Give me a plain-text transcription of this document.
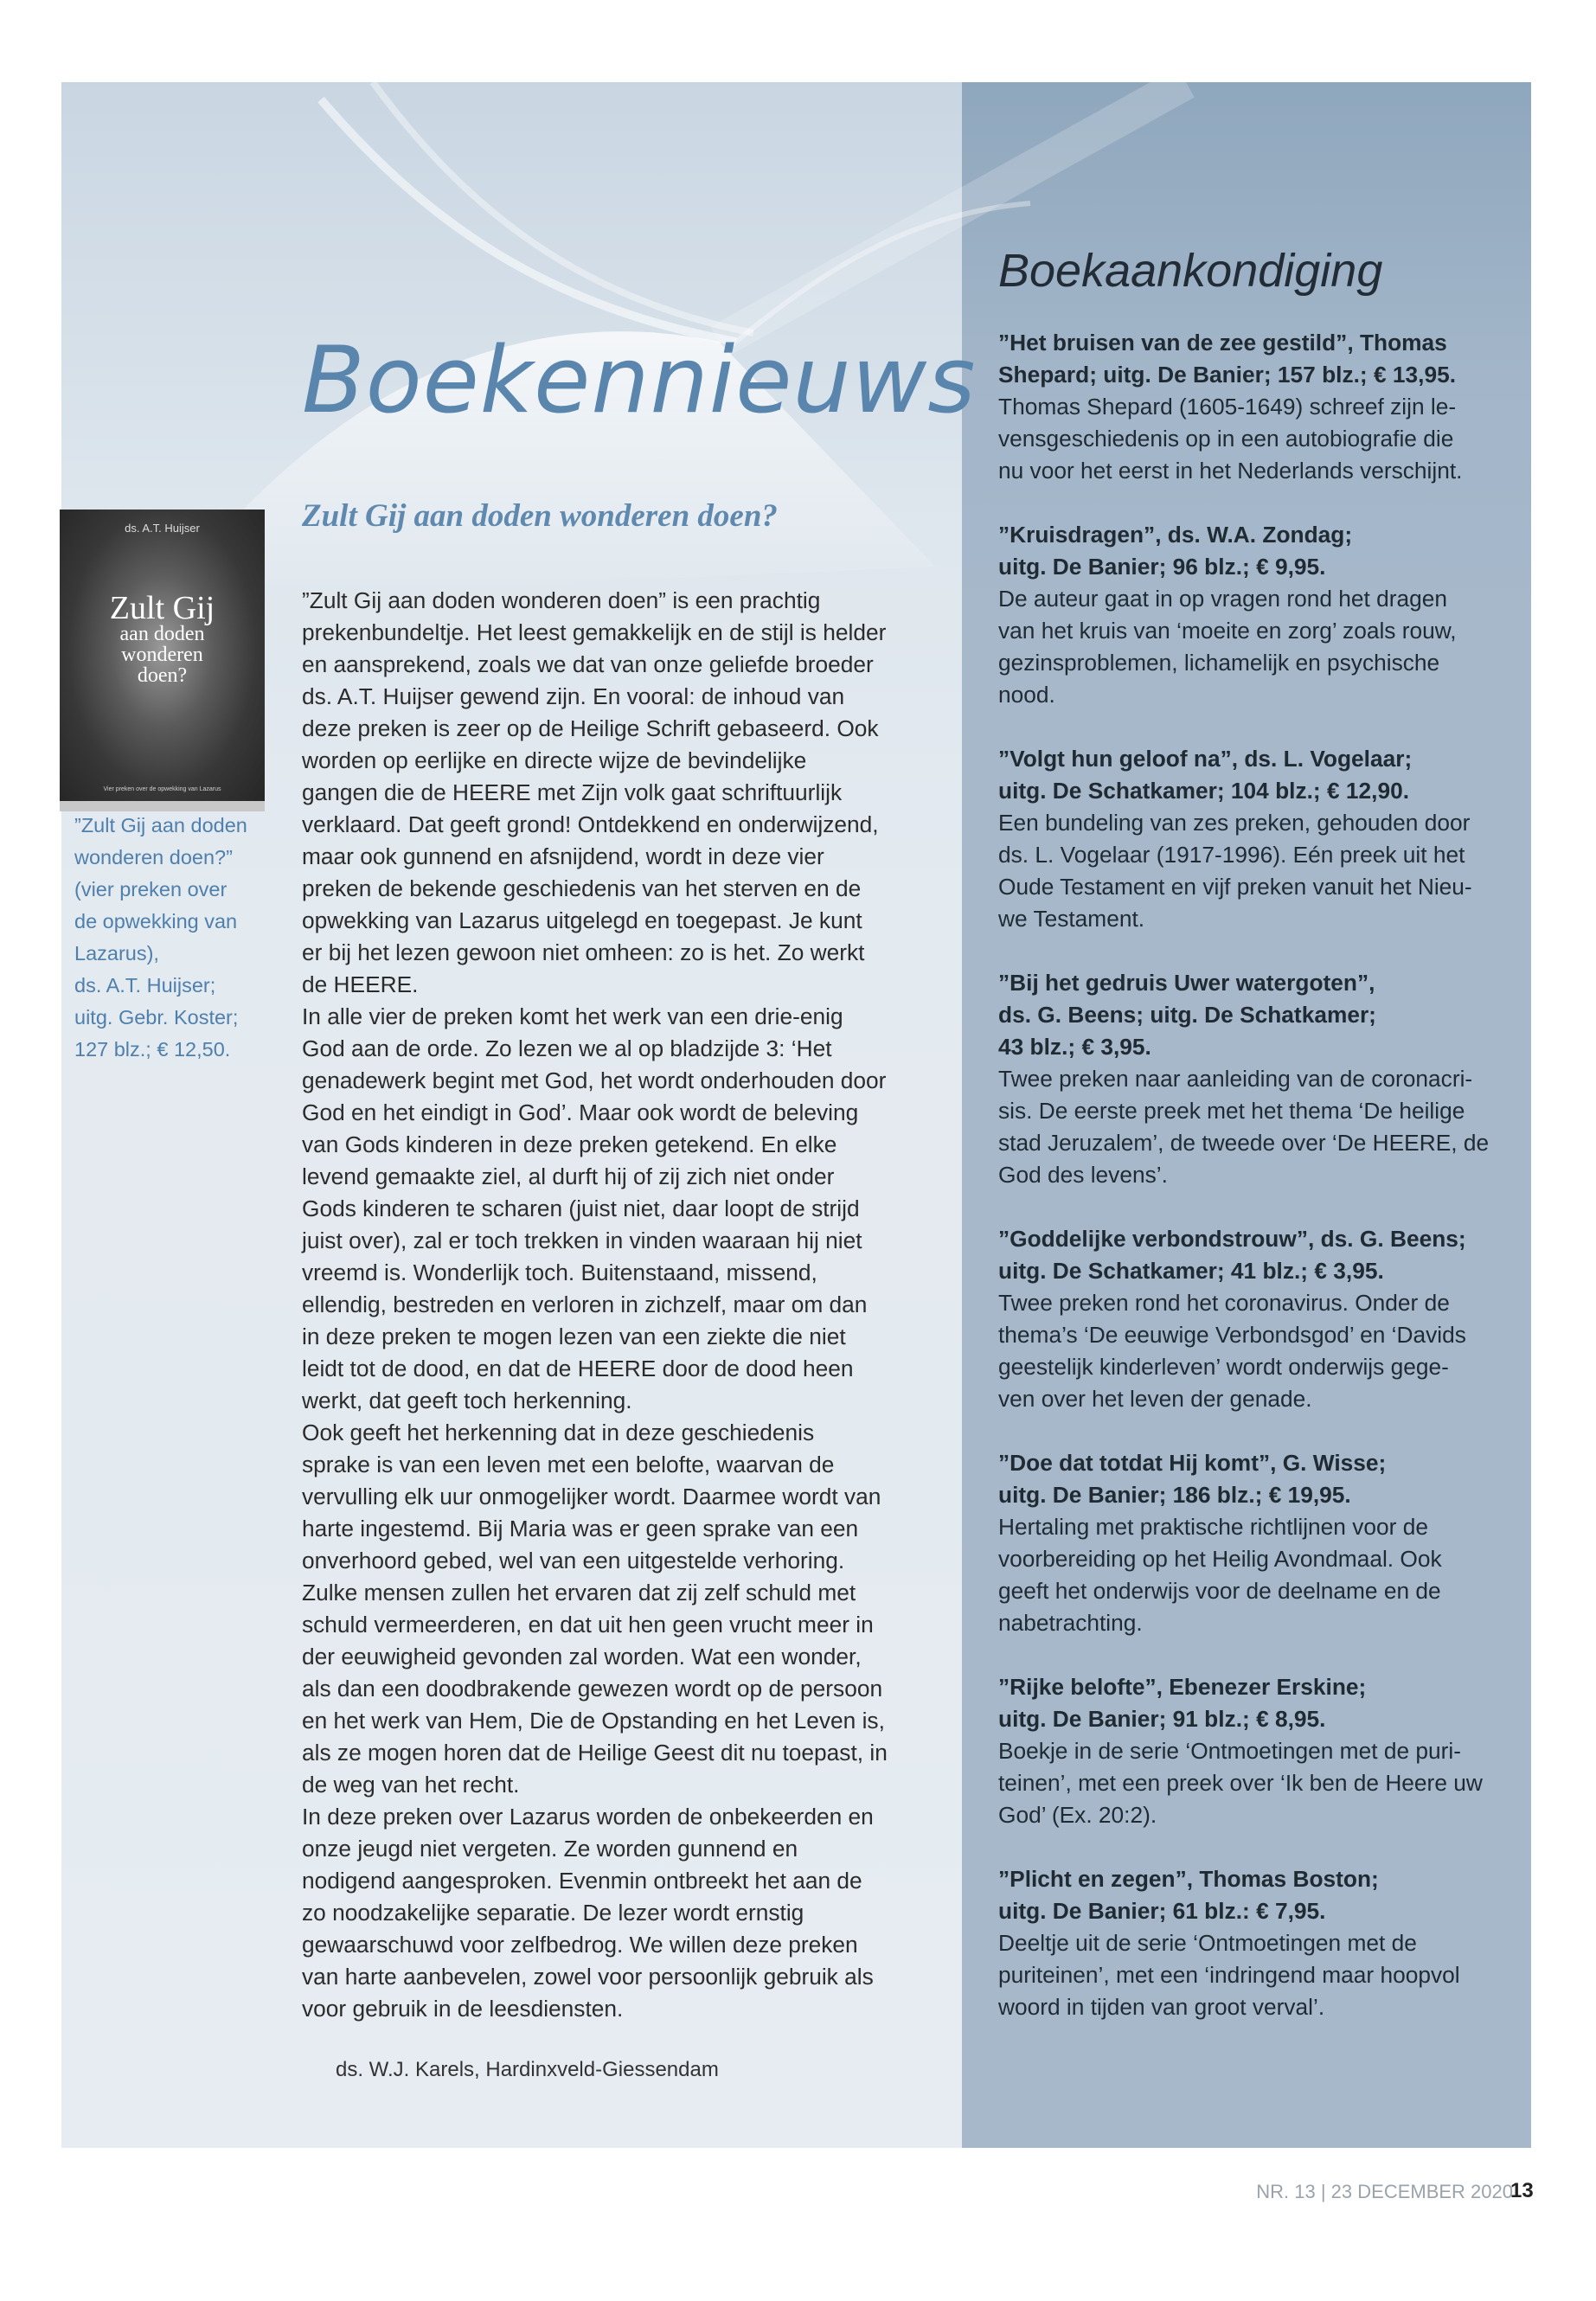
Boekennieuws
Zult Gij aan doden wonderen doen?

”Zult Gij aan doden wonderen doen” is een prachtig prekenbundeltje. Het leest gemakkelijk en de stijl is helder en aansprekend, zoals we dat van onze geliefde broeder ds. A.T. Huijser gewend zijn. En vooral: de inhoud van deze preken is zeer op de Heilige Schrift gebaseerd. Ook worden op eerlijke en directe wijze de bevindelijke gangen die de HEERE met Zijn volk gaat schriftuurlijk verklaard. Dat geeft grond! Ontdekkend en onderwijzend, maar ook gunnend en afsnijdend, wordt in deze vier preken de bekende geschiedenis van het sterven en de opwekking van Lazarus uitgelegd en toegepast. Je kunt er bij het lezen gewoon niet omheen: zo is het. Zo werkt de HEERE.

In alle vier de preken komt het werk van een drie-enig God aan de orde. Zo lezen we al op bladzijde 3: ‘Het genadewerk begint met God, het wordt onderhouden door God en het eindigt in God’. Maar ook wordt de beleving van Gods kinderen in deze preken getekend. En elke levend gemaakte ziel, al durft hij of zij zich niet onder Gods kinderen te scharen (juist niet, daar loopt de strijd juist over), zal er toch trekken in vinden waaraan hij niet vreemd is. Wonderlijk toch. Buitenstaand, missend, ellendig, bestreden en verloren in zichzelf, maar om dan in deze preken te mogen lezen van een ziekte die niet leidt tot de dood, en dat de HEERE door de dood heen werkt, dat geeft toch herkenning.

Ook geeft het herkenning dat in deze geschiedenis sprake is van een leven met een belofte, waarvan de vervulling elk uur onmogelijker wordt. Daarmee wordt van harte ingestemd. Bij Maria was er geen sprake van een onverhoord gebed, wel van een uitgestelde verhoring. Zulke mensen zullen het ervaren dat zij zelf schuld met schuld vermeerderen, en dat uit hen geen vrucht meer in der eeuwigheid gevonden zal worden. Wat een wonder, als dan een doodbrakende gewezen wordt op de persoon en het werk van Hem, Die de Opstanding en het Leven is, als ze mogen horen dat de Heilige Geest dit nu toepast, in de weg van het recht.

In deze preken over Lazarus worden de onbekeerden en onze jeugd niet vergeten. Ze worden gunnend en nodigend aangesproken. Evenmin ontbreekt het aan de zo noodzakelijke separatie. De lezer wordt ernstig gewaarschuwd voor zelfbedrog. We willen deze preken van harte aanbevelen, zowel voor persoonlijk gebruik als voor gebruik in de leesdiensten.

ds. W.J. Karels, Hardinxveld-Giessendam
ds. A.T. Huijser
Zult Gij
aan doden
wonderen
doen?
Vier preken over de opwekking van Lazarus
”Zult Gij aan doden
wonderen doen?”
(vier preken over
de opwekking van
Lazarus),
ds. A.T. Huijser;
uitg. Gebr. Koster;
127 blz.; € 12,50.
Boekaankondiging
”Het bruisen van de zee gestild”, Thomas
Shepard; uitg. De Banier; 157 blz.; € 13,95.
Thomas Shepard (1605-1649) schreef zijn le-
vensgeschiedenis op in een autobiografie die
nu voor het eerst in het Nederlands verschijnt.
”Kruisdragen”, ds. W.A. Zondag;
uitg. De Banier; 96 blz.; € 9,95.
De auteur gaat in op vragen rond het dragen
van het kruis van ‘moeite en zorg’ zoals rouw,
gezinsproblemen, lichamelijk en psychische
nood.
”Volgt hun geloof na”, ds. L. Vogelaar;
uitg. De Schatkamer; 104 blz.; € 12,90.
Een bundeling van zes preken, gehouden door
ds. L. Vogelaar (1917-1996). Eén preek uit het
Oude Testament en vijf preken vanuit het Nieu-
we Testament.
”Bij het gedruis Uwer watergoten”,
ds. G. Beens; uitg. De Schatkamer;
43 blz.; € 3,95.
Twee preken naar aanleiding van de coronacri-
sis. De eerste preek met het thema ‘De heilige
stad Jeruzalem’, de tweede over ‘De HEERE, de
God des levens’.
”Goddelijke verbondstrouw”, ds. G. Beens;
uitg. De Schatkamer; 41 blz.; € 3,95.
Twee preken rond het coronavirus. Onder de
thema’s ‘De eeuwige Verbondsgod’ en ‘Davids
geestelijk kinderleven’ wordt onderwijs gege-
ven over het leven der genade.
”Doe dat totdat Hij komt”, G. Wisse;
uitg. De Banier; 186 blz.; € 19,95.
Hertaling met praktische richtlijnen voor de
voorbereiding op het Heilig Avondmaal. Ook
geeft het onderwijs voor de deelname en de
nabetrachting.
”Rijke belofte”, Ebenezer Erskine;
uitg. De Banier; 91 blz.; € 8,95.
Boekje in de serie ‘Ontmoetingen met de puri-
teinen’, met een preek over ‘Ik ben de Heere uw
God’ (Ex. 20:2).
”Plicht en zegen”, Thomas Boston;
uitg. De Banier; 61 blz.: € 7,95.
Deeltje uit de serie ‘Ontmoetingen met de
puriteinen’, met een ‘indringend maar hoopvol
woord in tijden van groot verval’.
NR. 13 | 23 DECEMBER 2020
13
